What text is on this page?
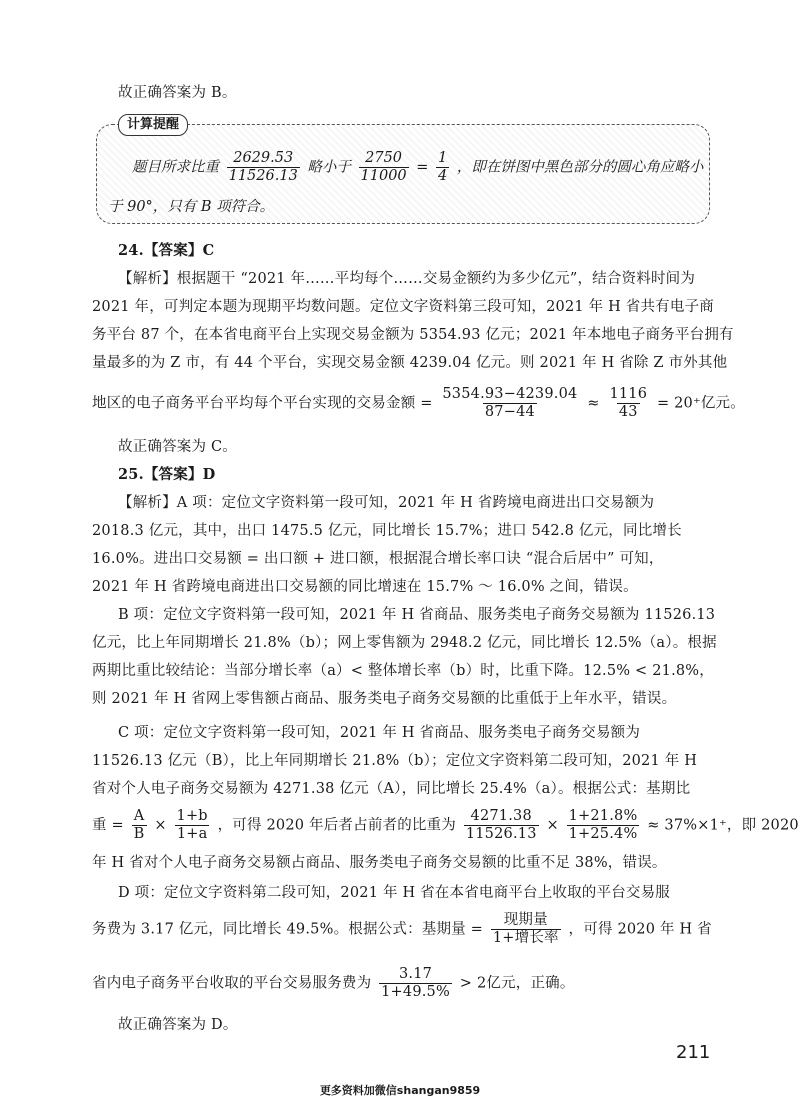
故正确答案为 B。
计算提醒
题目所求比重 $\frac{2629.53}{11526.13}$ 略小于 $\frac{2750}{11000} = \frac{1}{4}$ ，即在饼图中黑色部分的圆心角应略小
于 90°，只有 B 项符合。
24.【答案】C
【解析】根据题干 “2021 年……平均每个……交易金额约为多少亿元”，结合资料时间为
2021 年，可判定本题为现期平均数问题。定位文字资料第三段可知，2021 年 H 省共有电子商
务平台 87 个，在本省电商平台上实现交易金额为 5354.93 亿元；2021 年本地电子商务平台拥有
量最多的为 Z 市，有 44 个平台，实现交易金额 4239.04 亿元。则 2021 年 H 省除 Z 市外其他
地区的电子商务平台平均每个平台实现的交易金额 = $\frac{5354.93-4239.04}{87-44} \approx \frac{1116}{43} = 20^+$亿元。
故正确答案为 C。
25.【答案】D
【解析】A 项：定位文字资料第一段可知，2021 年 H 省跨境电商进出口交易额为
2018.3 亿元，其中，出口 1475.5 亿元，同比增长 15.7%；进口 542.8 亿元，同比增长
16.0%。进出口交易额 = 出口额 + 进口额，根据混合增长率口诀 “混合后居中” 可知，
2021 年 H 省跨境电商进出口交易额的同比增速在 15.7% ～ 16.0% 之间，错误。
B 项：定位文字资料第一段可知，2021 年 H 省商品、服务类电子商务交易额为 11526.13
亿元，比上年同期增长 21.8%（b）；网上零售额为 2948.2 亿元，同比增长 12.5%（a）。根据
两期比重比较结论：当部分增长率（a）< 整体增长率（b）时，比重下降。12.5% < 21.8%，
则 2021 年 H 省网上零售额占商品、服务类电子商务交易额的比重低于上年水平，错误。
C 项：定位文字资料第一段可知，2021 年 H 省商品、服务类电子商务交易额为
11526.13 亿元（B），比上年同期增长 21.8%（b）；定位文字资料第二段可知，2021 年 H
省对个人电子商务交易额为 4271.38 亿元（A），同比增长 25.4%（a）。根据公式：基期比
重 = $\frac{A}{B} \times \frac{1+b}{1+a}$ ，可得 2020 年后者占前者的比重为 $\frac{4271.38}{11526.13} \times \frac{1+21.8\%}{1+25.4\%} \approx 37\%\times 1^+$，即 2020
年 H 省对个人电子商务交易额占商品、服务类电子商务交易额的比重不足 38%，错误。
D 项：定位文字资料第二段可知，2021 年 H 省在本省电商平台上收取的平台交易服
务费为 3.17 亿元，同比增长 49.5%。根据公式：基期量 = $\frac{\text{现期量}}{\text{1+增长率}}$ ，可得 2020 年 H 省
省内电子商务平台收取的平台交易服务费为 $\frac{3.17}{1+49.5\%} > 2$亿元，正确。
故正确答案为 D。
211
更多资料加微信shangan9859
